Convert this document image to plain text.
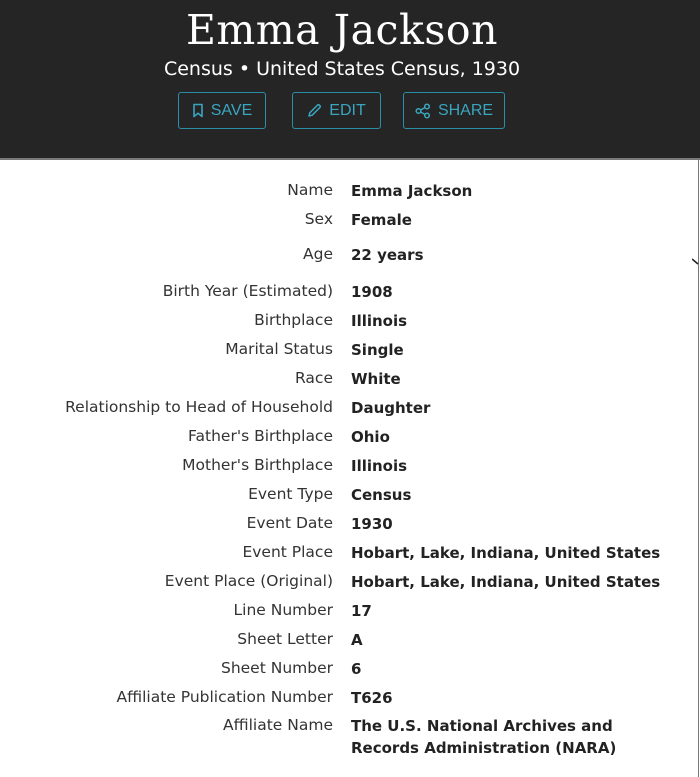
Emma Jackson
Census • United States Census, 1930
SAVE	EDIT	SHARE
Name	Emma Jackson
Sex	Female
Age	22 years
Birth Year (Estimated)	1908
Birthplace	Illinois
Marital Status	Single
Race	White
Relationship to Head of Household	Daughter
Father's Birthplace	Ohio
Mother's Birthplace	Illinois
Event Type	Census
Event Date	1930
Event Place	Hobart, Lake, Indiana, United States
Event Place (Original)	Hobart, Lake, Indiana, United States
Line Number	17
Sheet Letter	A
Sheet Number	6
Affiliate Publication Number	T626
Affiliate Name	The U.S. National Archives and Records Administration (NARA)
